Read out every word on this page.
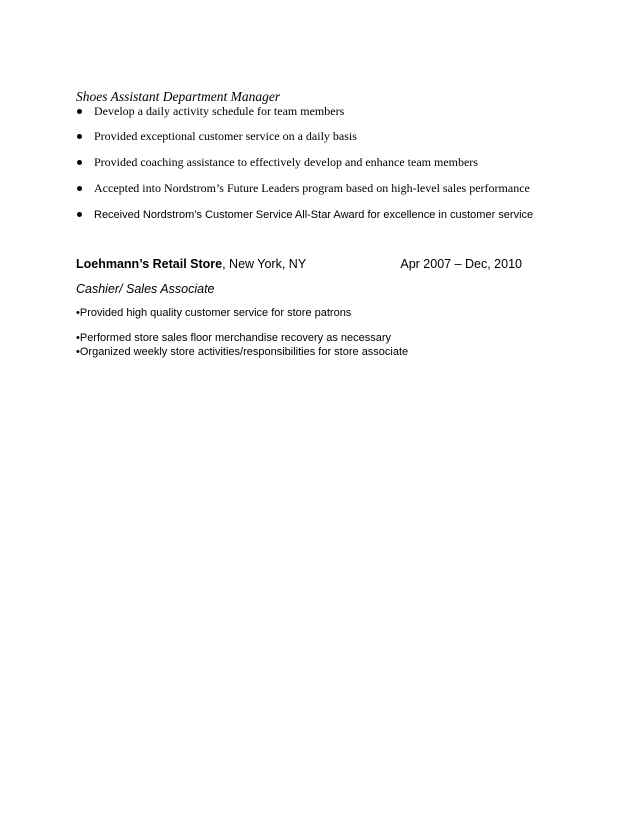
Shoes Assistant Department Manager
Develop a daily activity schedule for team members
Provided exceptional customer service on a daily basis
Provided coaching assistance to effectively develop and enhance team members
Accepted into Nordstrom’s Future Leaders program based on high-level sales performance
Received Nordstrom’s Customer Service All-Star Award for excellence in customer service
Loehmann’s Retail Store, New York, NY	Apr 2007 – Dec, 2010
Cashier/ Sales Associate
•Provided high quality customer service for store patrons
•Performed store sales floor merchandise recovery as necessary
•Organized weekly store activities/responsibilities for store associate
